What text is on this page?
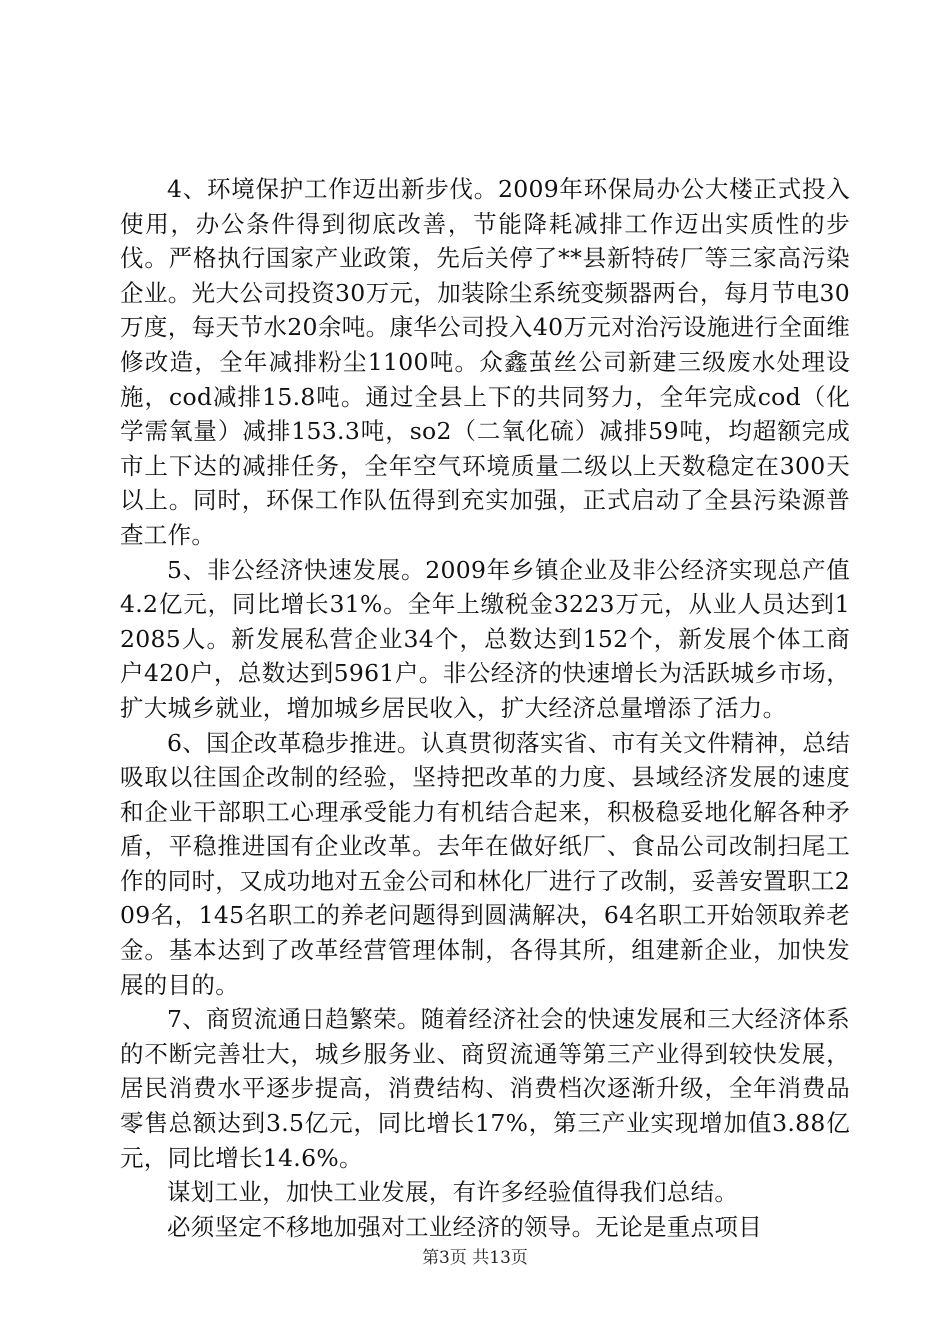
4、环境保护工作迈出新步伐。2009年环保局办公大楼正式投入使用，办公条件得到彻底改善，节能降耗减排工作迈出实质性的步伐。严格执行国家产业政策，先后关停了**县新特砖厂等三家高污染企业。光大公司投资30万元，加装除尘系统变频器两台，每月节电30万度，每天节水20余吨。康华公司投入40万元对治污设施进行全面维修改造，全年减排粉尘1100吨。众鑫茧丝公司新建三级废水处理设施，cod减排15.8吨。通过全县上下的共同努力，全年完成cod（化学需氧量）减排153.3吨，so2（二氧化硫）减排59吨，均超额完成市上下达的减排任务，全年空气环境质量二级以上天数稳定在300天以上。同时，环保工作队伍得到充实加强，正式启动了全县污染源普查工作。

5、非公经济快速发展。2009年乡镇企业及非公经济实现总产值4.2亿元，同比增长31%。全年上缴税金3223万元，从业人员达到12085人。新发展私营企业34个，总数达到152个，新发展个体工商户420户，总数达到5961户。非公经济的快速增长为活跃城乡市场，扩大城乡就业，增加城乡居民收入，扩大经济总量增添了活力。

6、国企改革稳步推进。认真贯彻落实省、市有关文件精神，总结吸取以往国企改制的经验，坚持把改革的力度、县域经济发展的速度和企业干部职工心理承受能力有机结合起来，积极稳妥地化解各种矛盾，平稳推进国有企业改革。去年在做好纸厂、食品公司改制扫尾工作的同时，又成功地对五金公司和林化厂进行了改制，妥善安置职工209名，145名职工的养老问题得到圆满解决，64名职工开始领取养老金。基本达到了改革经营管理体制，各得其所，组建新企业，加快发展的目的。

7、商贸流通日趋繁荣。随着经济社会的快速发展和三大经济体系的不断完善壮大，城乡服务业、商贸流通等第三产业得到较快发展，居民消费水平逐步提高，消费结构、消费档次逐渐升级，全年消费品零售总额达到3.5亿元，同比增长17%，第三产业实现增加值3.88亿元，同比增长14.6%。

谋划工业，加快工业发展，有许多经验值得我们总结。

必须坚定不移地加强对工业经济的领导。无论是重点项目

第3页 共13页
